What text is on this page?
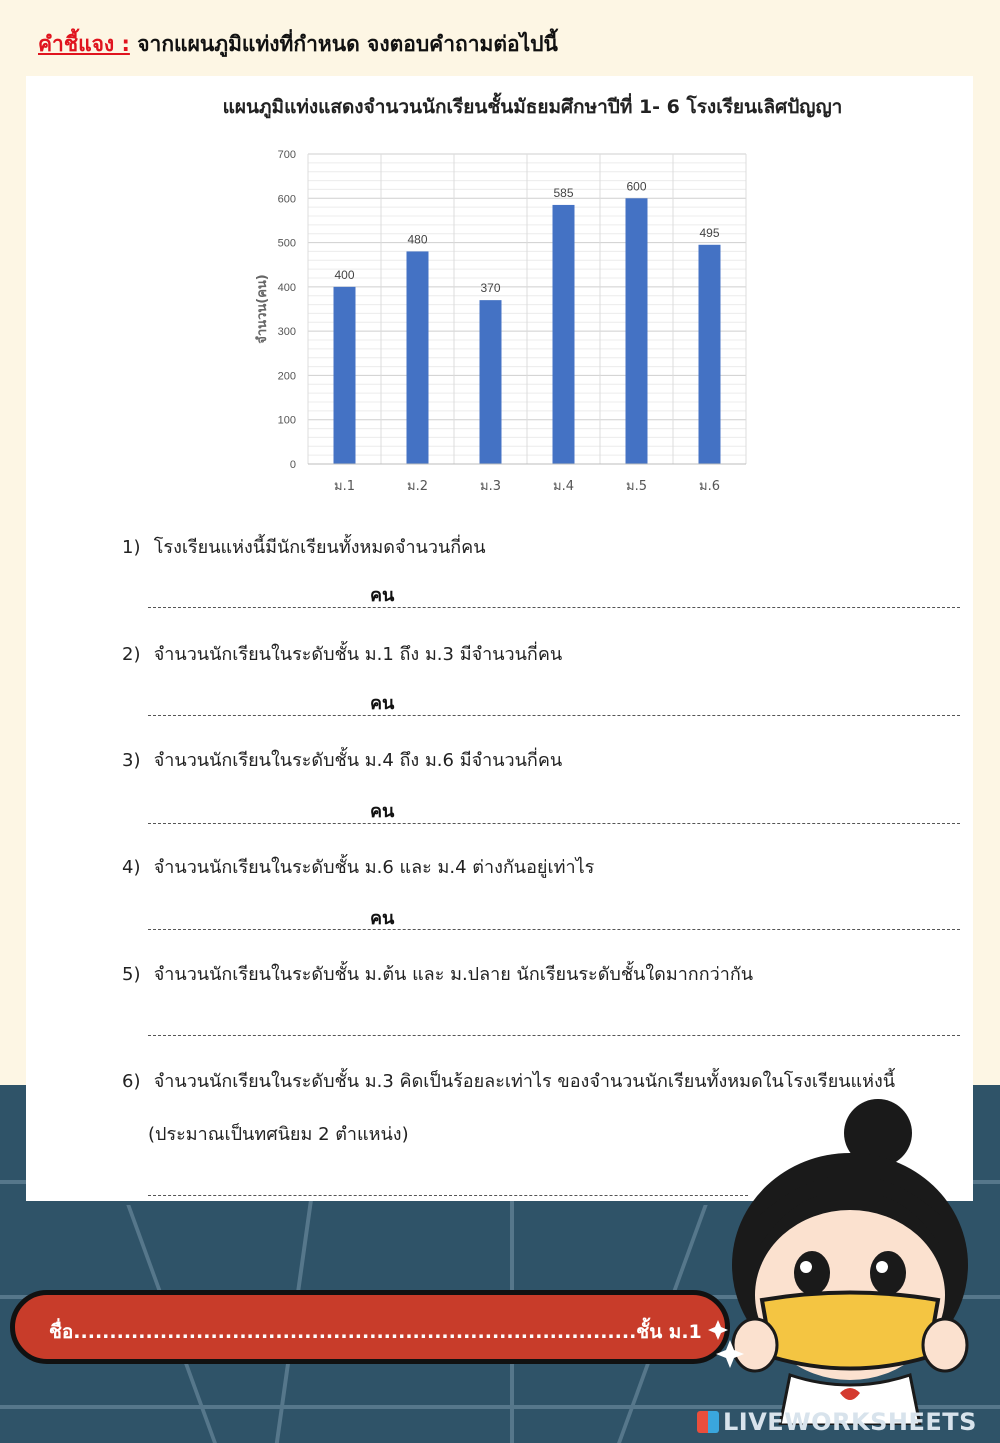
คำชี้แจง : จากแผนภูมิแท่งที่กำหนด จงตอบคำถามต่อไปนี้
แผนภูมิแท่งแสดงจำนวนนักเรียนชั้นมัธยมศึกษาปีที่ 1- 6 โรงเรียนเลิศปัญญา
0
100
200
300
400
500
600
700
จำนวน(คน)	400
ม.1
480
ม.2
370
ม.3
585
ม.4
600
ม.5
495
ม.6
1) โรงเรียนแห่งนี้มีนักเรียนทั้งหมดจำนวนกี่คน
คน
2) จำนวนนักเรียนในระดับชั้น ม.1 ถึง ม.3 มีจำนวนกี่คน
คน
3) จำนวนนักเรียนในระดับชั้น ม.4 ถึง ม.6 มีจำนวนกี่คน
คน
4) จำนวนนักเรียนในระดับชั้น ม.6 และ ม.4 ต่างกันอยู่เท่าไร
คน
5) จำนวนนักเรียนในระดับชั้น ม.ต้น และ ม.ปลาย นักเรียนระดับชั้นใดมากกว่ากัน
6) จำนวนนักเรียนในระดับชั้น ม.3 คิดเป็นร้อยละเท่าไร ของจำนวนนักเรียนทั้งหมดในโรงเรียนแห่งนี้
(ประมาณเป็นทศนิยม 2 ตำแหน่ง)
ชื่อ..............................................................................ชั้น ม.1
LIVEWORKSHEETS
